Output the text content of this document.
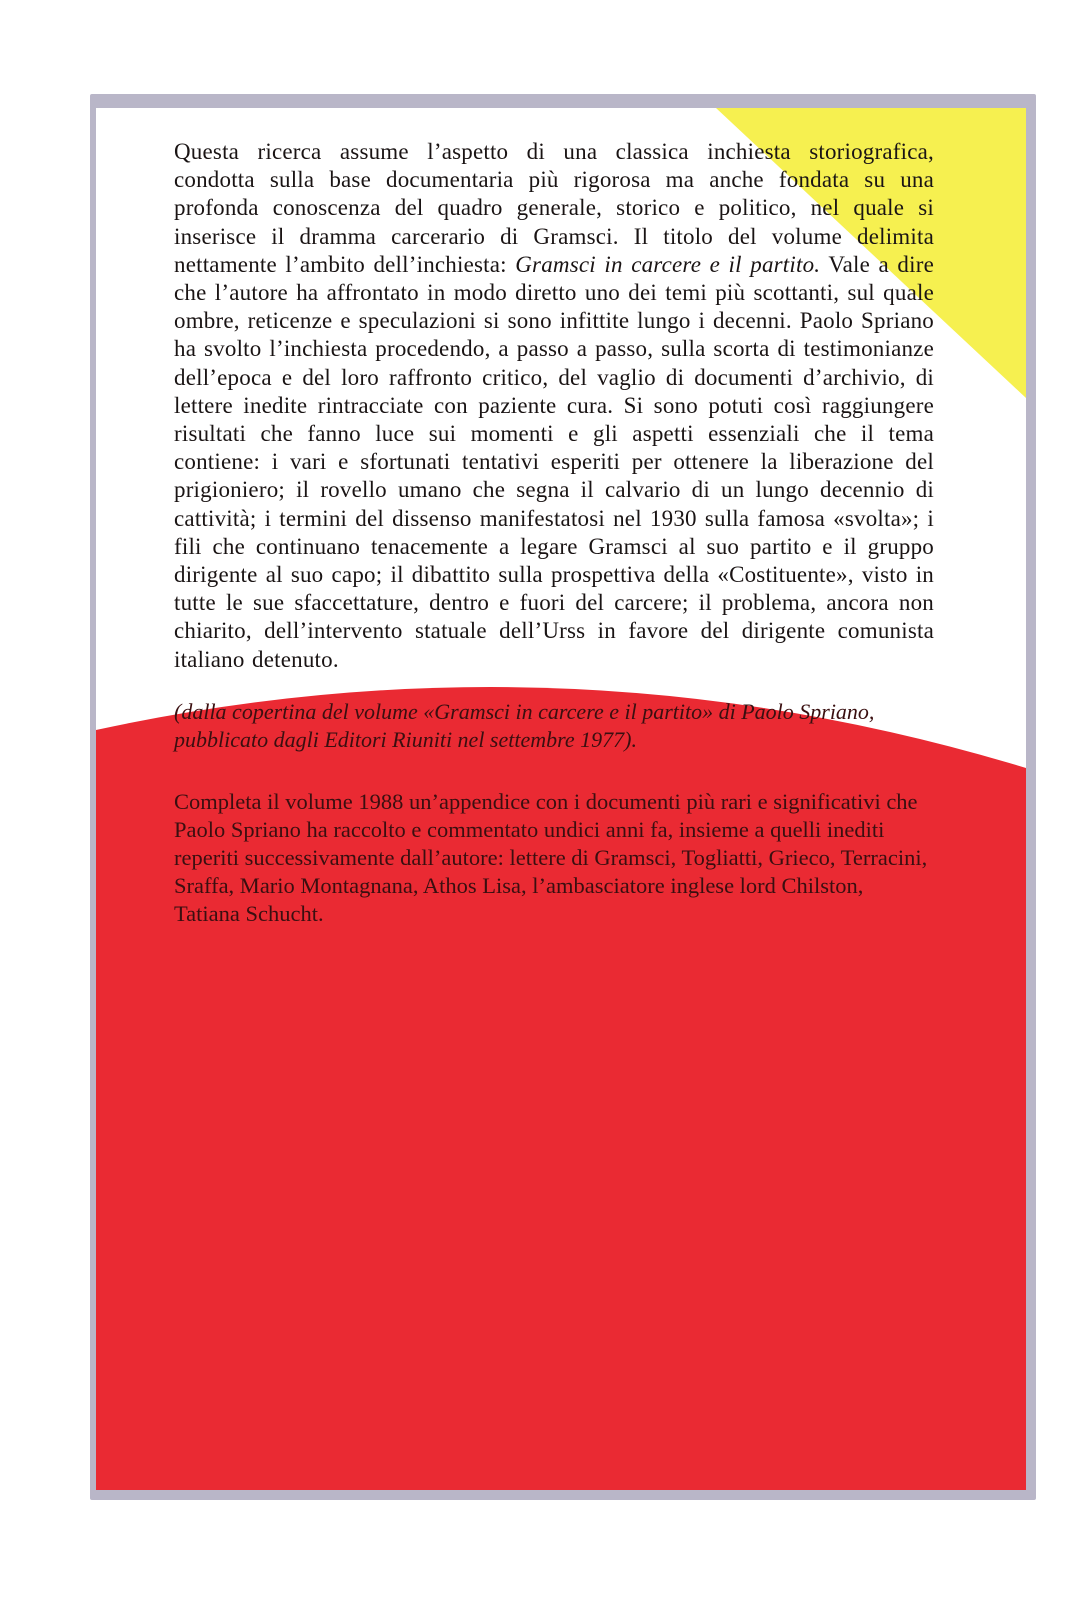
Questa ricerca assume l’aspetto di una classica inchiesta storiografica, condotta sulla base documentaria più rigorosa ma anche fondata su una profonda conoscenza del quadro generale, storico e politico, nel quale si inserisce il dramma carcerario di Gramsci. Il titolo del volume delimita nettamente l’ambito dell’inchiesta: Gramsci in carcere e il partito. Vale a dire che l’autore ha affrontato in modo diretto uno dei temi più scottanti, sul quale ombre, reticenze e speculazioni si sono infittite lungo i decenni. Paolo Spriano ha svolto l’inchiesta procedendo, a passo a passo, sulla scorta di testimonianze dell’epoca e del loro raffronto critico, del vaglio di documenti d’archivio, di lettere inedite rintracciate con paziente cura. Si sono potuti così raggiungere risultati che fanno luce sui momenti e gli aspetti essenziali che il tema contiene: i vari e sfortunati tentativi esperiti per ottenere la liberazione del prigioniero; il rovello umano che segna il calvario di un lungo decennio di cattività; i termini del dissenso manifestatosi nel 1930 sulla famosa «svolta»; i fili che continuano tenacemente a legare Gramsci al suo partito e il gruppo dirigente al suo capo; il dibattito sulla prospettiva della «Costituente», visto in tutte le sue sfaccettature, dentro e fuori del carcere; il problema, ancora non chiarito, dell’intervento statuale dell’Urss in favore del dirigente comunista italiano detenuto.

(dalla copertina del volume «Gramsci in carcere e il partito» di Paolo Spriano, pubblicato dagli Editori Riuniti nel settembre 1977).

Completa il volume 1988 un’appendice con i documenti più rari e significativi che Paolo Spriano ha raccolto e commentato undici anni fa, insieme a quelli inediti reperiti successivamente dall’autore: lettere di Gramsci, Togliatti, Grieco, Terracini, Sraffa, Mario Montagnana, Athos Lisa, l’ambasciatore inglese lord Chilston, Tatiana Schucht.
